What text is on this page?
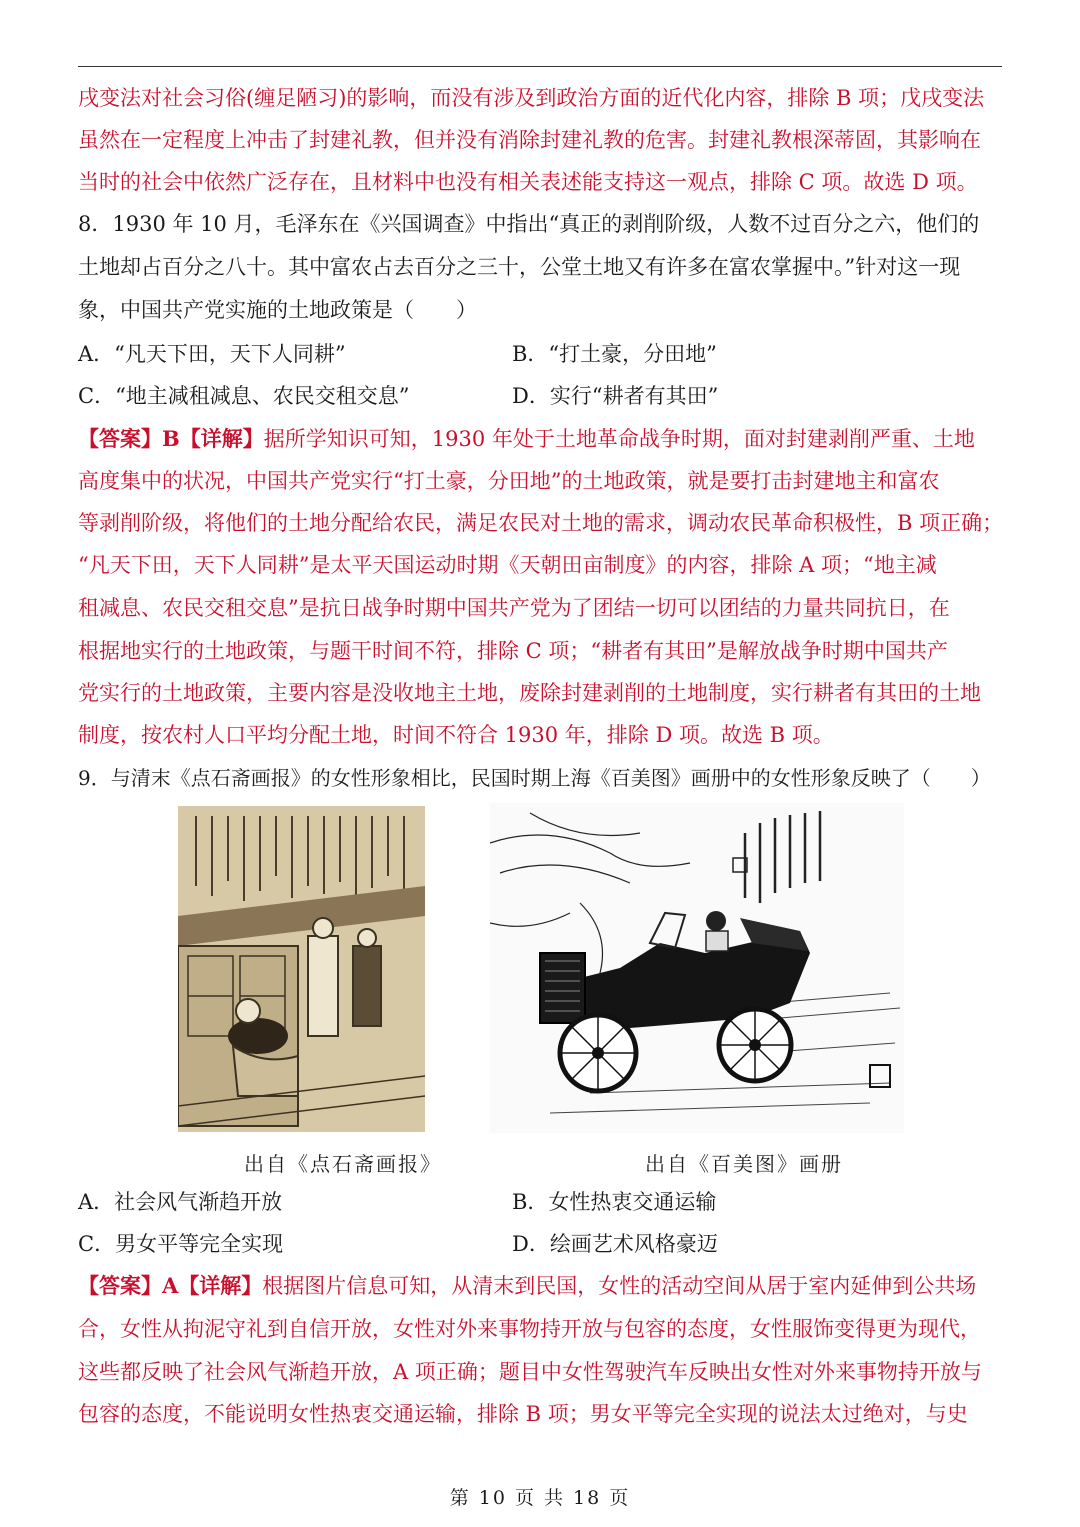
戌变法对社会习俗(缠足陋习)的影响，而没有涉及到政治方面的近代化内容，排除 B 项；戊戌变法
虽然在一定程度上冲击了封建礼教，但并没有消除封建礼教的危害。封建礼教根深蒂固，其影响在
当时的社会中依然广泛存在，且材料中也没有相关表述能支持这一观点，排除 C 项。故选 D 项。
8．1930 年 10 月，毛泽东在《兴国调查》中指出“真正的剥削阶级，人数不过百分之六，他们的
土地却占百分之八十。其中富农占去百分之三十，公堂土地又有许多在富农掌握中。”针对这一现
象，中国共产党实施的土地政策是（　　）
A．“凡天下田，天下人同耕”	B．“打土豪，分田地”
C．“地主减租减息、农民交租交息”	D．实行“耕者有其田”
【答案】B【详解】据所学知识可知，1930 年处于土地革命战争时期，面对封建剥削严重、土地
高度集中的状况，中国共产党实行“打土豪，分田地”的土地政策，就是要打击封建地主和富农
等剥削阶级，将他们的土地分配给农民，满足农民对土地的需求，调动农民革命积极性，B 项正确；
“凡天下田，天下人同耕”是太平天国运动时期《天朝田亩制度》的内容，排除 A 项；“地主减
租减息、农民交租交息”是抗日战争时期中国共产党为了团结一切可以团结的力量共同抗日，在
根据地实行的土地政策，与题干时间不符，排除 C 项；“耕者有其田”是解放战争时期中国共产
党实行的土地政策，主要内容是没收地主土地，废除封建剥削的土地制度，实行耕者有其田的土地
制度，按农村人口平均分配土地，时间不符合 1930 年，排除 D 项。故选 B 项。
9．与清末《点石斋画报》的女性形象相比，民国时期上海《百美图》画册中的女性形象反映了（　　）
出自《点石斋画报》	出自《百美图》画册
A．社会风气渐趋开放	B．女性热衷交通运输
C．男女平等完全实现	D．绘画艺术风格豪迈
【答案】A【详解】根据图片信息可知，从清末到民国，女性的活动空间从居于室内延伸到公共场
合，女性从拘泥守礼到自信开放，女性对外来事物持开放与包容的态度，女性服饰变得更为现代，
这些都反映了社会风气渐趋开放，A 项正确；题目中女性驾驶汽车反映出女性对外来事物持开放与
包容的态度，不能说明女性热衷交通运输，排除 B 项；男女平等完全实现的说法太过绝对，与史
第 10 页 共 18 页
